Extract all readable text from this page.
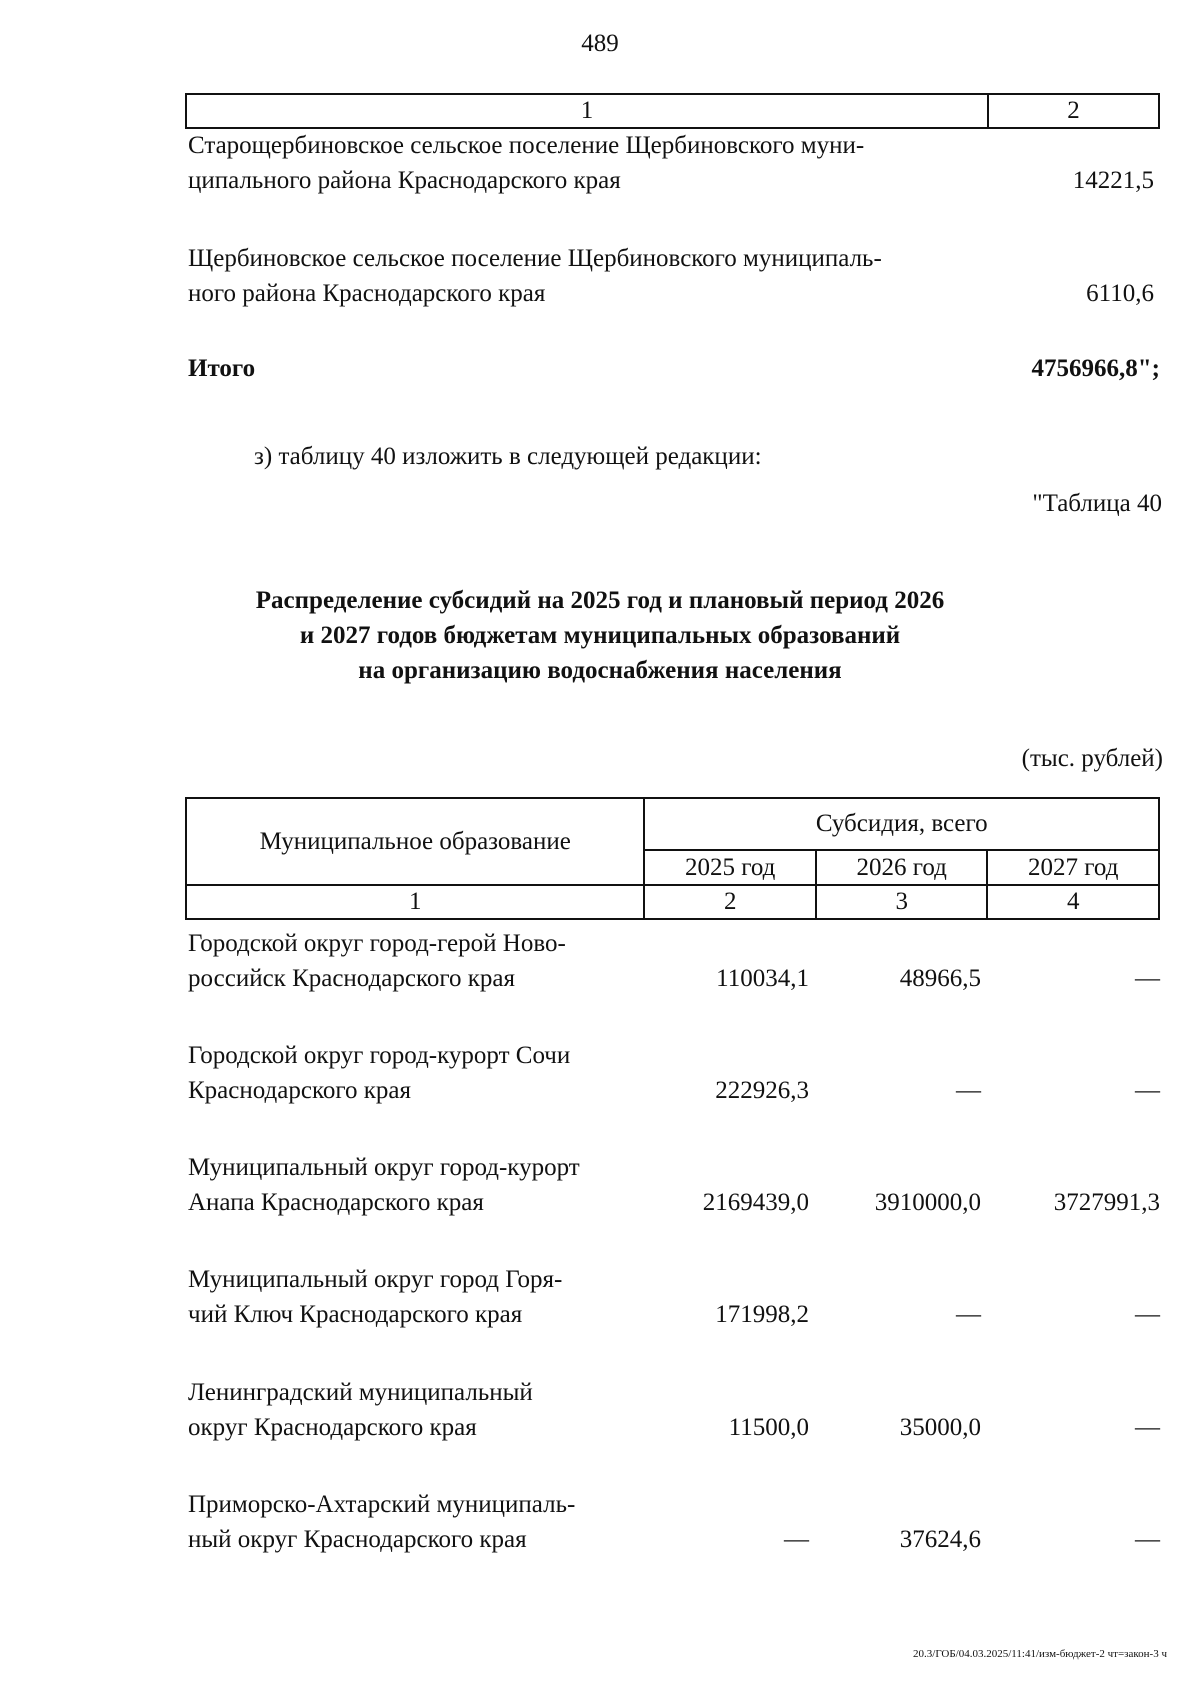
489
1	2
Старощербиновское сельское поселение Щербиновского муни-
ципального района Краснодарского края	14221,5
Щербиновское сельское поселение Щербиновского муниципаль-
ного района Краснодарского края	6110,6
Итого	4756966,8";
з) таблицу 40 изложить в следующей редакции:
"Таблица 40
Распределение субсидий на 2025 год и плановый период 2026
и 2027 годов бюджетам муниципальных образований
на организацию водоснабжения населения
(тыс. рублей)
Муниципальное образование	Субсидия, всего		
	2025 год	2026 год	2027 год
1	2	3	4
Городской округ город-герой Ново-
российск Краснодарского края	110034,1	48966,5	—
Городской округ город-курорт Сочи
Краснодарского края	222926,3	—	—
Муниципальный округ город-курорт
Анапа Краснодарского края	2169439,0	3910000,0	3727991,3
Муниципальный округ город Горя-
чий Ключ Краснодарского края	171998,2	—	—
Ленинградский муниципальный
округ Краснодарского края	11500,0	35000,0	—
Приморско-Ахтарский муниципаль-
ный округ Краснодарского края	—	37624,6	—
20.3/ГОБ/04.03.2025/11:41/изм-бюджет-2 чт=закон-3 ч
